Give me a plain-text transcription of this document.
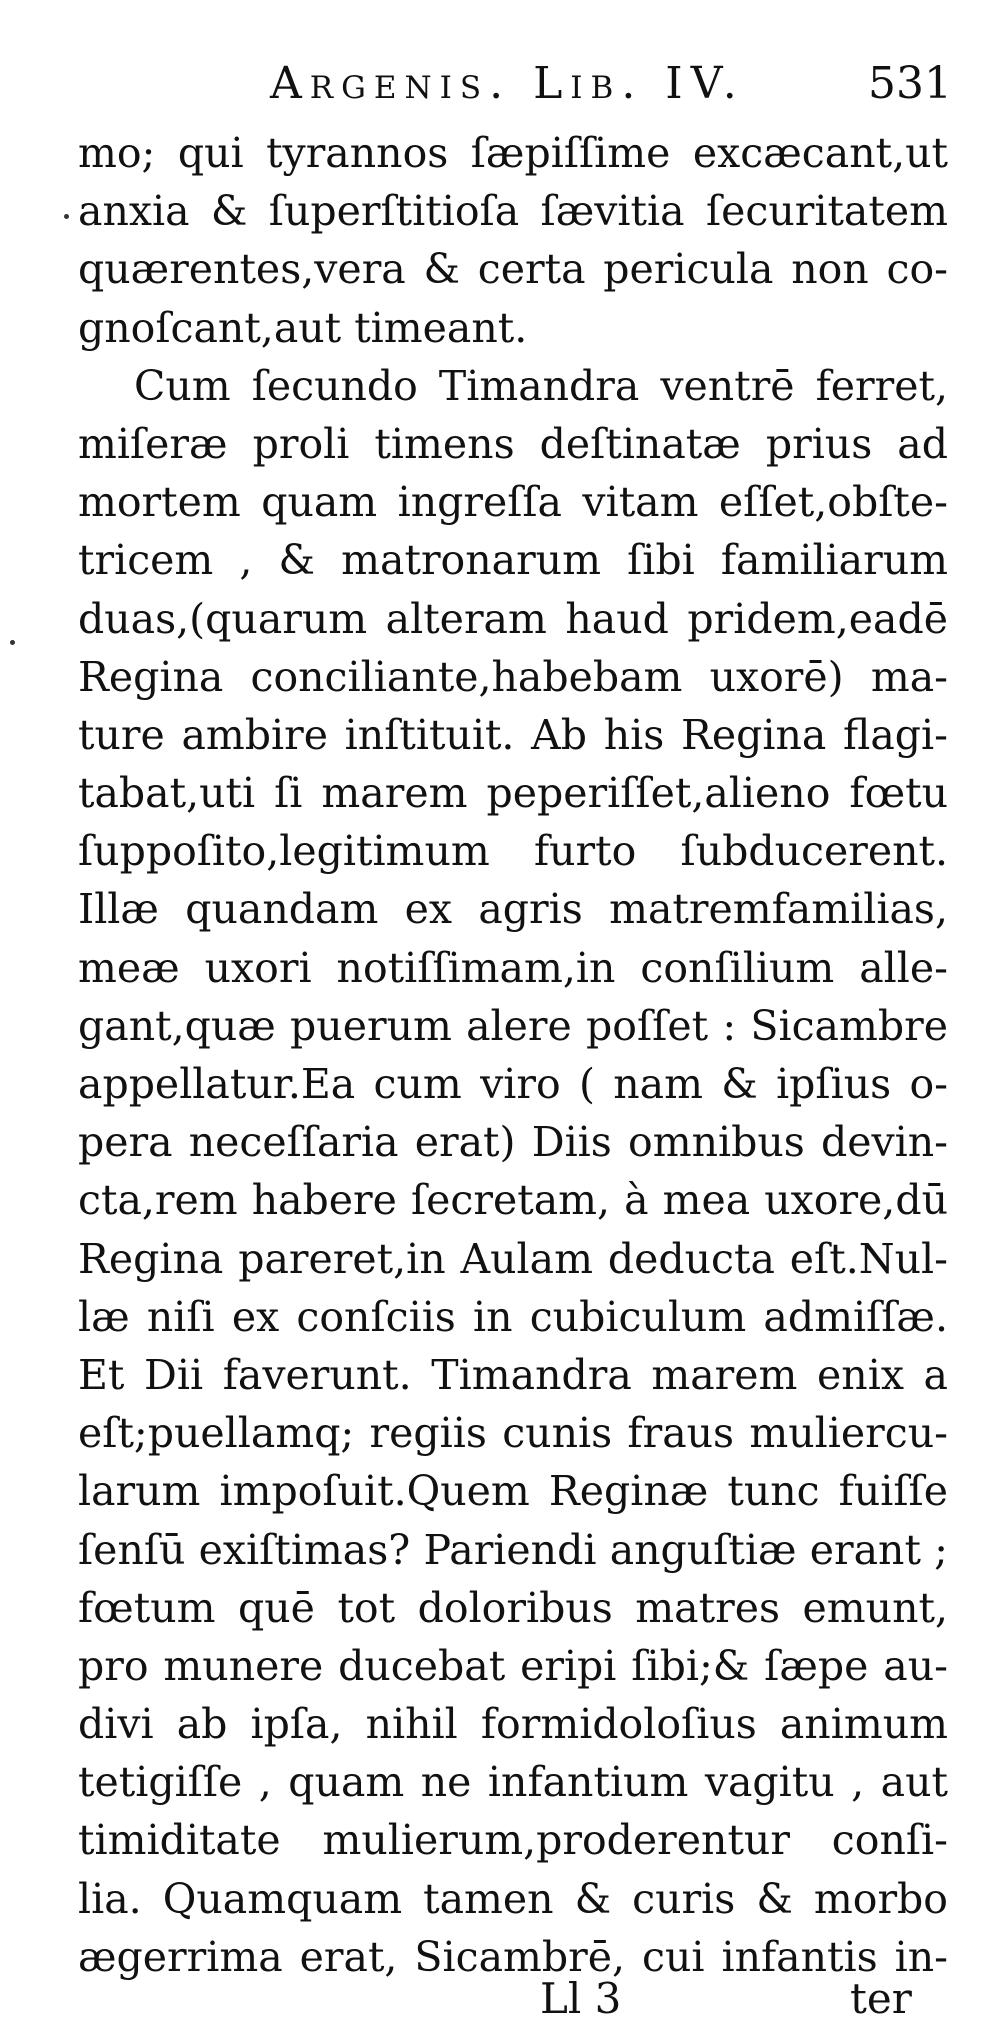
Argenis. Lib. IV.	531
mo; qui tyrannos ſæpiſſime excæcant,ut
anxia & ſuperſtitioſa ſævitia ſecuritatem
quærentes,vera & certa pericula non co-
gnoſcant,aut timeant.
Cum ſecundo Timandra ventrē ferret,
miſeræ proli timens deſtinatæ prius ad
mortem quam ingreſſa vitam eſſet,obſte-
tricem , & matronarum ſibi familiarum
duas,(quarum alteram haud pridem,eadē
Regina conciliante,habebam uxorē) ma-
ture ambire inſtituit. Ab his Regina flagi-
tabat,uti ſi marem peperiſſet,alieno fœtu
ſuppoſito,legitimum furto ſubducerent.
Illæ quandam ex agris matremfamilias,
meæ uxori notiſſimam,in conſilium alle-
gant,quæ puerum alere poſſet : Sicambre
appellatur.Ea cum viro ( nam & ipſius o-
pera neceſſaria erat) Diis omnibus devin-
cta,rem habere ſecretam, à mea uxore,dū
Regina pareret,in Aulam deducta eſt.Nul-
læ niſi ex conſciis in cubiculum admiſſæ.
Et Dii faverunt. Timandra marem enix a
eſt;puellamq; regiis cunis fraus muliercu-
larum impoſuit.Quem Reginæ tunc fuiſſe
ſenſū exiſtimas? Pariendi anguſtiæ erant ;
fœtum quē tot doloribus matres emunt,
pro munere ducebat eripi ſibi;& ſæpe au-
divi ab ipſa, nihil formidoloſius animum
tetigiſſe , quam ne infantium vagitu , aut
timiditate mulierum,proderentur conſi-
lia. Quamquam tamen & curis & morbo
ægerrima erat, Sicambrē, cui infantis in-
Ll 3	ter
